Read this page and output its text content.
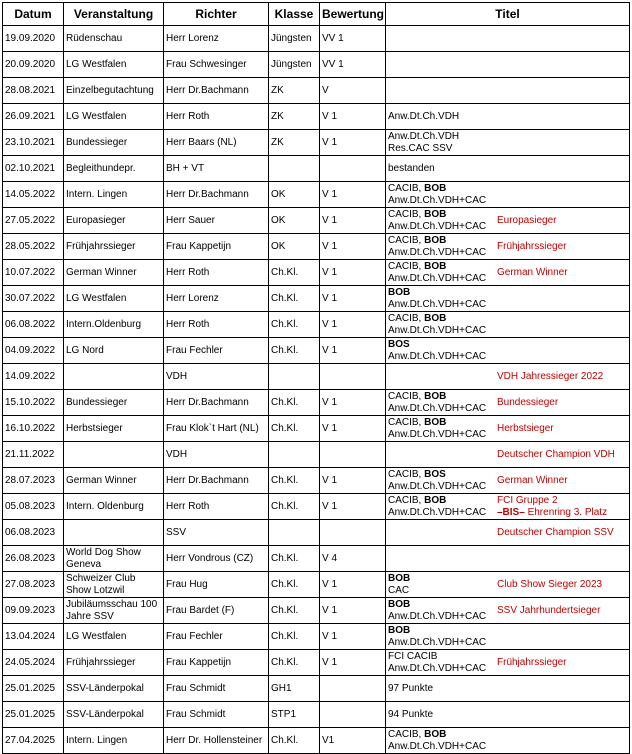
Datum	Veranstaltung	Richter	Klasse	Bewertung	Titel
19.09.2020	Rüdenschau	Herr Lorenz	Jüngsten	VV 1	

20.09.2020	LG Westfalen	Frau Schwesinger	Jüngsten	VV 1	

28.08.2021	Einzelbegutachtung	Herr Dr.Bachmann	ZK	V	

26.09.2021	LG Westfalen	Herr Roth	ZK	V 1	Anw.Dt.Ch.VDH

23.10.2021	Bundessieger	Herr Baars (NL)	ZK	V 1	Anw.Dt.Ch.VDH
Res.CAC SSV

02.10.2021	Begleithundepr.	BH + VT			bestanden

14.05.2022	Intern. Lingen	Herr Dr.Bachmann	OK	V 1	CACIB, BOB
Anw.Dt.Ch.VDH+CAC

27.05.2022	Europasieger	Herr Sauer	OK	V 1	CACIB, BOB
Anw.Dt.Ch.VDH+CAC
Europasieger

28.05.2022	Frühjahrssieger	Frau Kappetijn	OK	V 1	CACIB, BOB
Anw.Dt.Ch.VDH+CAC
Frühjahrssieger

10.07.2022	German Winner	Herr Roth	Ch.Kl.	V 1	CACIB, BOB
Anw.Dt.Ch.VDH+CAC
German Winner

30.07.2022	LG Westfalen	Herr Lorenz	Ch.Kl.	V 1	BOB
Anw.Dt.Ch.VDH+CAC

06.08.2022	Intern.Oldenburg	Herr Roth	Ch.Kl.	V 1	CACIB, BOB
Anw.Dt.Ch.VDH+CAC

04.09.2022	LG Nord	Frau Fechler	Ch.Kl.	V 1	BOS
Anw.Dt.Ch.VDH+CAC

14.09.2022		VDH			VDH Jahressieger 2022

15.10.2022	Bundessieger	Herr Dr.Bachmann	Ch.Kl.	V 1	CACIB, BOB
Anw.Dt.Ch.VDH+CAC
Bundessieger

16.10.2022	Herbstsieger	Frau Klok`t Hart (NL)	Ch.Kl.	V 1	CACIB, BOB
Anw.Dt.Ch.VDH+CAC
Herbstsieger

21.11.2022		VDH			Deutscher Champion VDH

28.07.2023	German Winner	Herr Dr.Bachmann	Ch.Kl.	V 1	CACIB, BOS
Anw.Dt.Ch.VDH+CAC
German Winner

05.08.2023	Intern. Oldenburg	Herr Roth	Ch.Kl.	V 1	CACIB, BOB
Anw.Dt.Ch.VDH+CAC
FCI Gruppe 2
–BIS– Ehrenring 3. Platz

06.08.2023		SSV			Deutscher Champion SSV

26.08.2023	World Dog Show Geneva	Herr Vondrous (CZ)	Ch.Kl.	V 4	

27.08.2023	Schweizer Club Show Lotzwil	Frau Hug	Ch.Kl.	V 1	BOB
CAC
Club Show Sieger 2023

09.09.2023	Jubiläumsschau 100 Jahre SSV	Frau Bardet (F)	Ch.Kl.	V 1	BOB
Anw.Dt.Ch.VDH+CAC
SSV Jahrhundertsieger

13.04.2024	LG Westfalen	Frau Fechler	Ch.Kl.	V 1	BOB
Anw.Dt.Ch.VDH+CAC

24.05.2024	Frühjahrssieger	Frau Kappetijn	Ch.Kl.	V 1	FCI CACIB
Anw.Dt.Ch.VDH+CAC
Frühjahrssieger

25.01.2025	SSV-Länderpokal	Frau Schmidt	GH1		97 Punkte

25.01.2025	SSV-Länderpokal	Frau Schmidt	STP1		94 Punkte

27.04.2025	Intern. Lingen	Herr Dr. Hollensteiner	Ch.Kl.	V1	CACIB, BOB
Anw.Dt.Ch.VDH+CAC
